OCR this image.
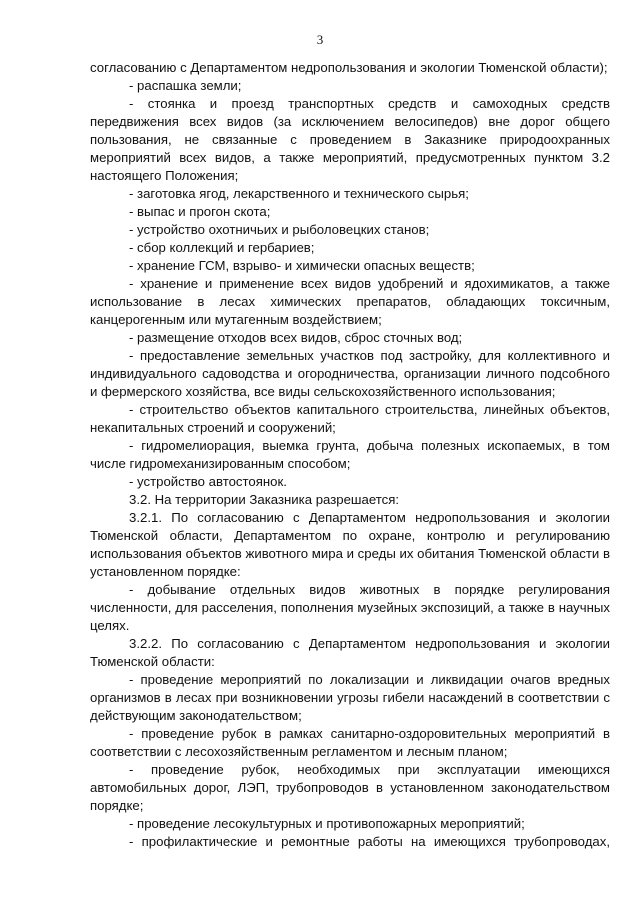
3

согласованию с Департаментом недропользования и экологии Тюменской области);

- распашка земли;

- стоянка и проезд транспортных средств и самоходных средств передвижения всех видов (за исключением велосипедов) вне дорог общего пользования, не связанные с проведением в Заказнике природоохранных мероприятий всех видов, а также мероприятий, предусмотренных пунктом 3.2 настоящего Положения;

- заготовка ягод, лекарственного и технического сырья;

- выпас и прогон скота;

- устройство охотничьих и рыболовецких станов;

- сбор коллекций и гербариев;

- хранение ГСМ, взрыво- и химически опасных веществ;

- хранение и применение всех видов удобрений и ядохимикатов, а также использование в лесах химических препаратов, обладающих токсичным, канцерогенным или мутагенным воздействием;

- размещение отходов всех видов, сброс сточных вод;

- предоставление земельных участков под застройку, для коллективного и индивидуального садоводства и огородничества, организации личного подсобного и фермерского хозяйства, все виды сельскохозяйственного использования;

- строительство объектов капитального строительства, линейных объектов, некапитальных строений и сооружений;

- гидромелиорация, выемка грунта, добыча полезных ископаемых, в том числе гидромеханизированным способом;

- устройство автостоянок.

3.2. На территории Заказника разрешается:

3.2.1. По согласованию с Департаментом недропользования и экологии Тюменской области, Департаментом по охране, контролю и регулированию использования объектов животного мира и среды их обитания Тюменской области в установленном порядке:

- добывание отдельных видов животных в порядке регулирования численности, для расселения, пополнения музейных экспозиций, а также в научных целях.

3.2.2. По согласованию с Департаментом недропользования и экологии Тюменской области:

- проведение мероприятий по локализации и ликвидации очагов вредных организмов в лесах при возникновении угрозы гибели насаждений в соответствии с действующим законодательством;

- проведение рубок в рамках санитарно-оздоровительных мероприятий в соответствии с лесохозяйственным регламентом и лесным планом;

- проведение рубок, необходимых при эксплуатации имеющихся автомобильных дорог, ЛЭП, трубопроводов в установленном законодательством порядке;

- проведение лесокультурных и противопожарных мероприятий;

- профилактические и ремонтные работы на имеющихся трубопроводах,
